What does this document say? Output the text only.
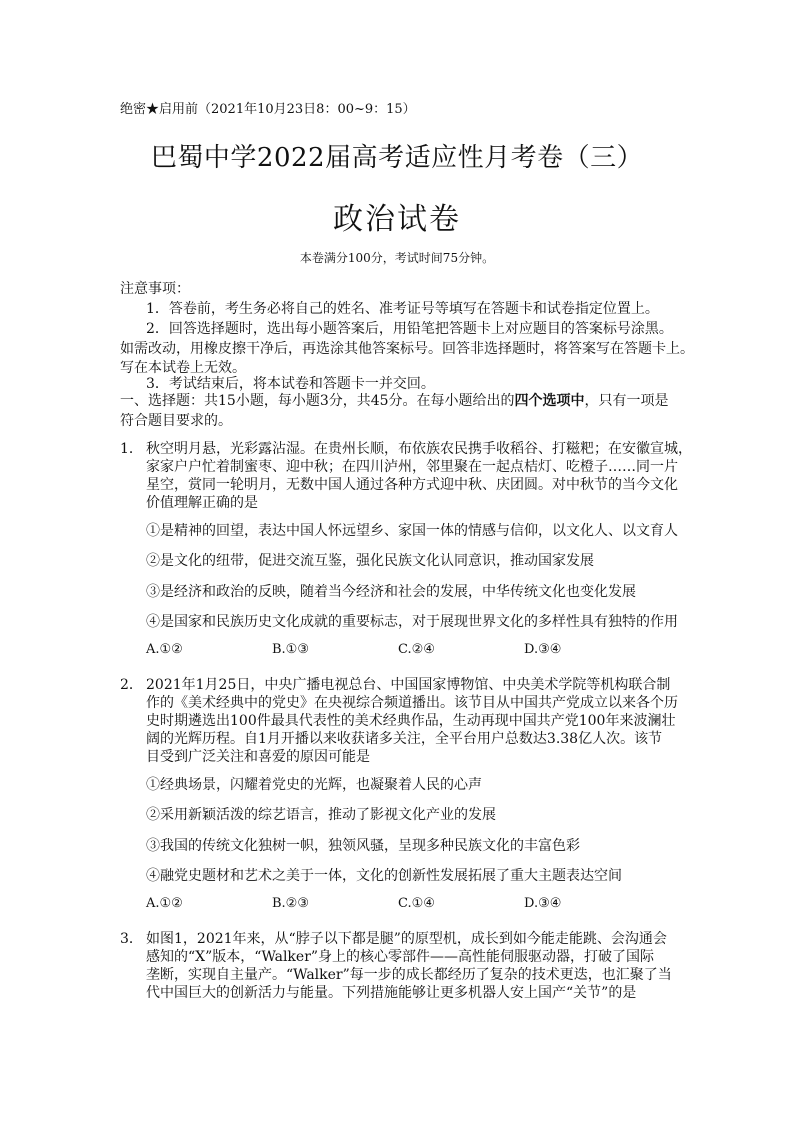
绝密★启用前（2021年10月23日8：00~9：15）
巴蜀中学2022届高考适应性月考卷（三）
政治试卷
本卷满分100分，考试时间75分钟。
注意事项：
1．答卷前，考生务必将自己的姓名、准考证号等填写在答题卡和试卷指定位置上。
2．回答选择题时，选出每小题答案后，用铅笔把答题卡上对应题目的答案标号涂黑。
如需改动，用橡皮擦干净后，再选涂其他答案标号。回答非选择题时，将答案写在答题卡上。
写在本试卷上无效。
3．考试结束后，将本试卷和答题卡一并交回。
一、选择题：共15小题，每小题3分，共45分。在每小题给出的四个选项中，只有一项是
符合题目要求的。
1． 秋空明月悬，光彩露沾湿。在贵州长顺，布依族农民携手收稻谷、打糍粑；在安徽宣城，
家家户户忙着制蜜枣、迎中秋；在四川泸州，邻里聚在一起点桔灯、吃橙子……同一片
星空，赏同一轮明月，无数中国人通过各种方式迎中秋、庆团圆。对中秋节的当今文化
价值理解正确的是
①是精神的回望，表达中国人怀远望乡、家国一体的情感与信仰，以文化人、以文育人
②是文化的纽带，促进交流互鉴，强化民族文化认同意识，推动国家发展
③是经济和政治的反映，随着当今经济和社会的发展，中华传统文化也变化发展
④是国家和民族历史文化成就的重要标志，对于展现世界文化的多样性具有独特的作用
A.①②	B.①③	C.②④	D.③④
2． 2021年1月25日，中央广播电视总台、中国国家博物馆、中央美术学院等机构联合制
作的《美术经典中的党史》在央视综合频道播出。该节目从中国共产党成立以来各个历
史时期遴选出100件最具代表性的美术经典作品，生动再现中国共产党100年来波澜壮
阔的光辉历程。自1月开播以来收获诸多关注，全平台用户总数达3.38亿人次。该节
目受到广泛关注和喜爱的原因可能是
①经典场景，闪耀着党史的光辉，也凝聚着人民的心声
②采用新颖活泼的综艺语言，推动了影视文化产业的发展
③我国的传统文化独树一帜，独领风骚，呈现多种民族文化的丰富色彩
④融党史题材和艺术之美于一体，文化的创新性发展拓展了重大主题表达空间
A.①②	B.②③	C.①④	D.③④
3． 如图1，2021年来，从“脖子以下都是腿”的原型机，成长到如今能走能跳、会沟通会
感知的“X”版本，“Walker”身上的核心零部件——高性能伺服驱动器，打破了国际
垄断，实现自主量产。“Walker”每一步的成长都经历了复杂的技术更迭，也汇聚了当
代中国巨大的创新活力与能量。下列措施能够让更多机器人安上国产“关节”的是
